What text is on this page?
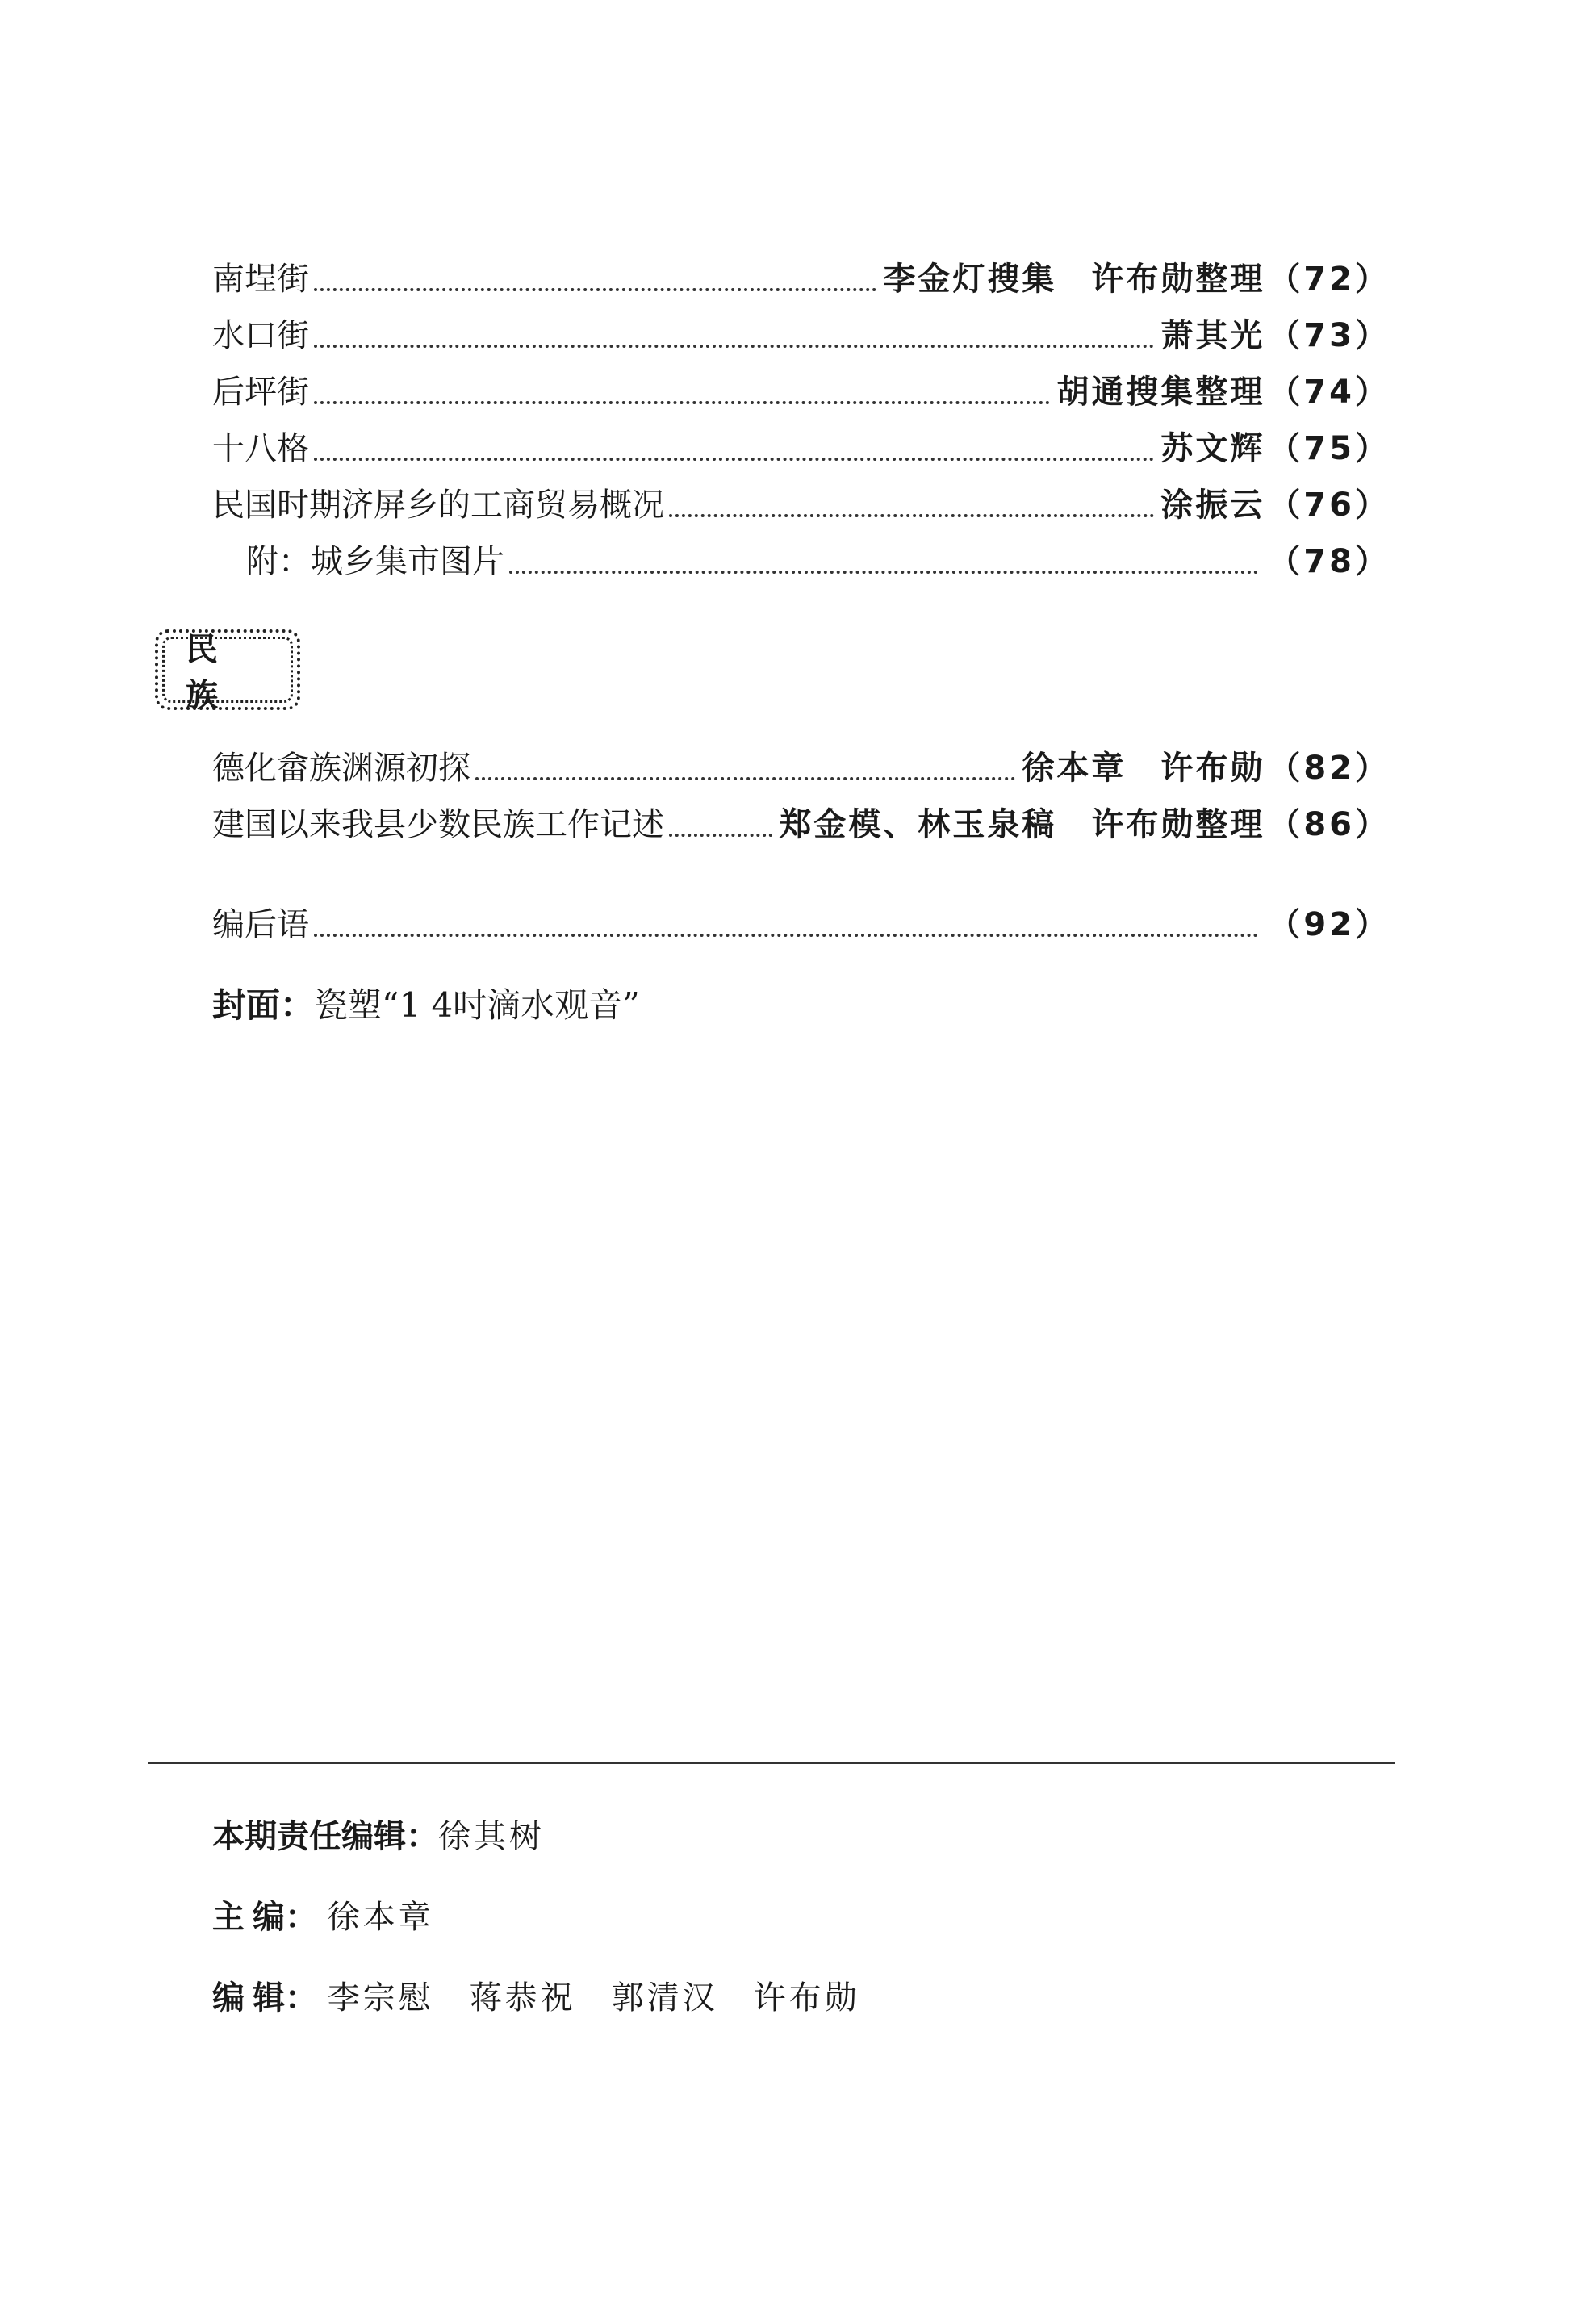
南埕街	李金灯搜集　许布勋整理 （72）
水口街	萧其光 （73）
后坪街	胡通搜集整理 （74）
十八格	苏文辉 （75）
民国时期济屏乡的工商贸易概况	涂振云 （76）
附：城乡集市图片	（78）
民族
德化畲族渊源初探	徐本章　许布勋 （82）
建国以来我县少数民族工作记述	郑金模、林玉泉稿　许布勋整理 （86）
编后语	（92）
封面：瓷塑“1 4吋滴水观音”
本期责任编辑：徐其树
主 编： 徐本章
编 辑： 李宗慰　蒋恭祝　郭清汉　许布勋
